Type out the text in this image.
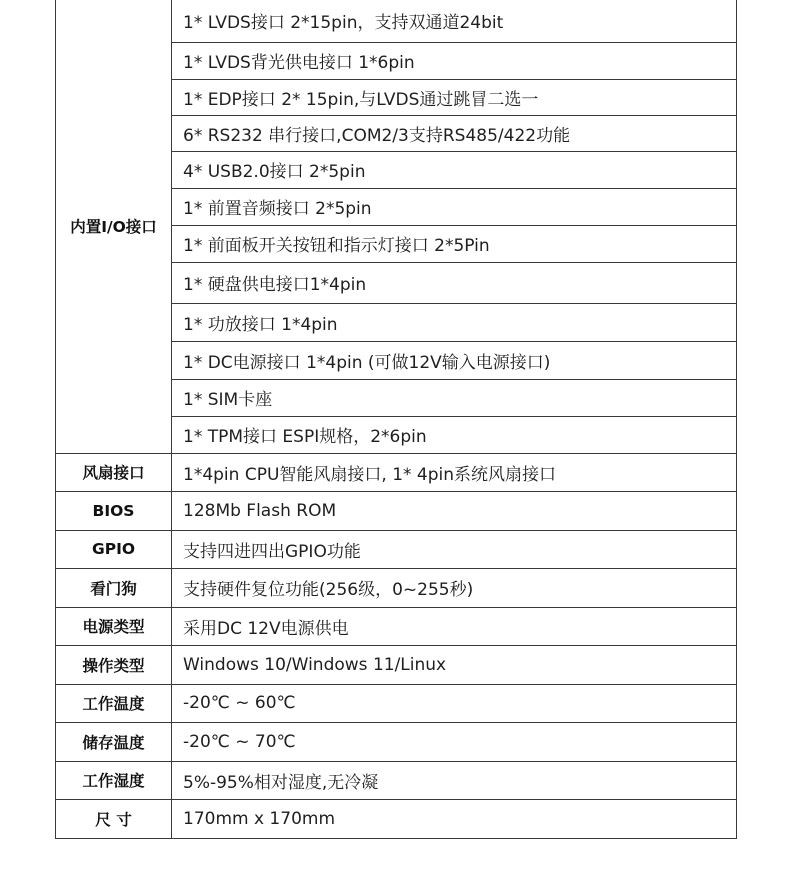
内置I/O接口	1* LVDS接口 2*15pin，支持双通道24bit
	1* LVDS背光供电接口 1*6pin
	1* EDP接口 2* 15pin,与LVDS通过跳冒二选一
	6* RS232 串行接口,COM2/3支持RS485/422功能
	4* USB2.0接口 2*5pin
	1* 前置音频接口 2*5pin
	1* 前面板开关按钮和指示灯接口 2*5Pin
	1* 硬盘供电接口1*4pin
	1* 功放接口 1*4pin
	1* DC电源接口 1*4pin (可做12V输入电源接口)
	1* SIM卡座
	1* TPM接口 ESPI规格，2*6pin
风扇接口	1*4pin CPU智能风扇接口, 1* 4pin系统风扇接口
BIOS	128Mb Flash ROM
GPIO	支持四进四出GPIO功能
看门狗	支持硬件复位功能(256级，0~255秒)
电源类型	采用DC 12V电源供电
操作类型	Windows 10/Windows 11/Linux
工作温度	-20℃ ~ 60℃
储存温度	-20℃ ~ 70℃
工作湿度	5%-95%相对湿度,无冷凝
尺 寸	170mm x 170mm
